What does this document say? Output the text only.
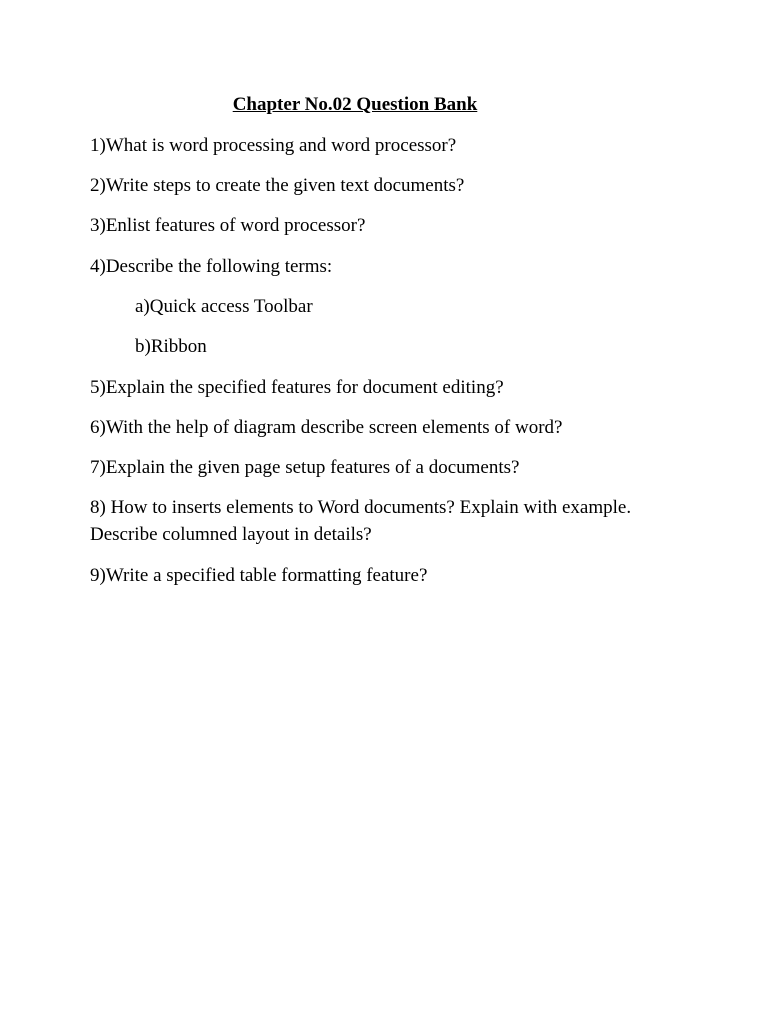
Chapter No.02 Question Bank

1)What is word processing and word processor?

2)Write steps to create the given text documents?

3)Enlist features of word processor?

4)Describe the following terms:

a)Quick access Toolbar

b)Ribbon

5)Explain the specified features for document editing?

6)With the help of diagram describe screen elements of word?

7)Explain the given page setup features of a documents?

8) How to inserts elements to Word documents? Explain with example.

Describe columned layout in details?

9)Write a specified table formatting feature?
